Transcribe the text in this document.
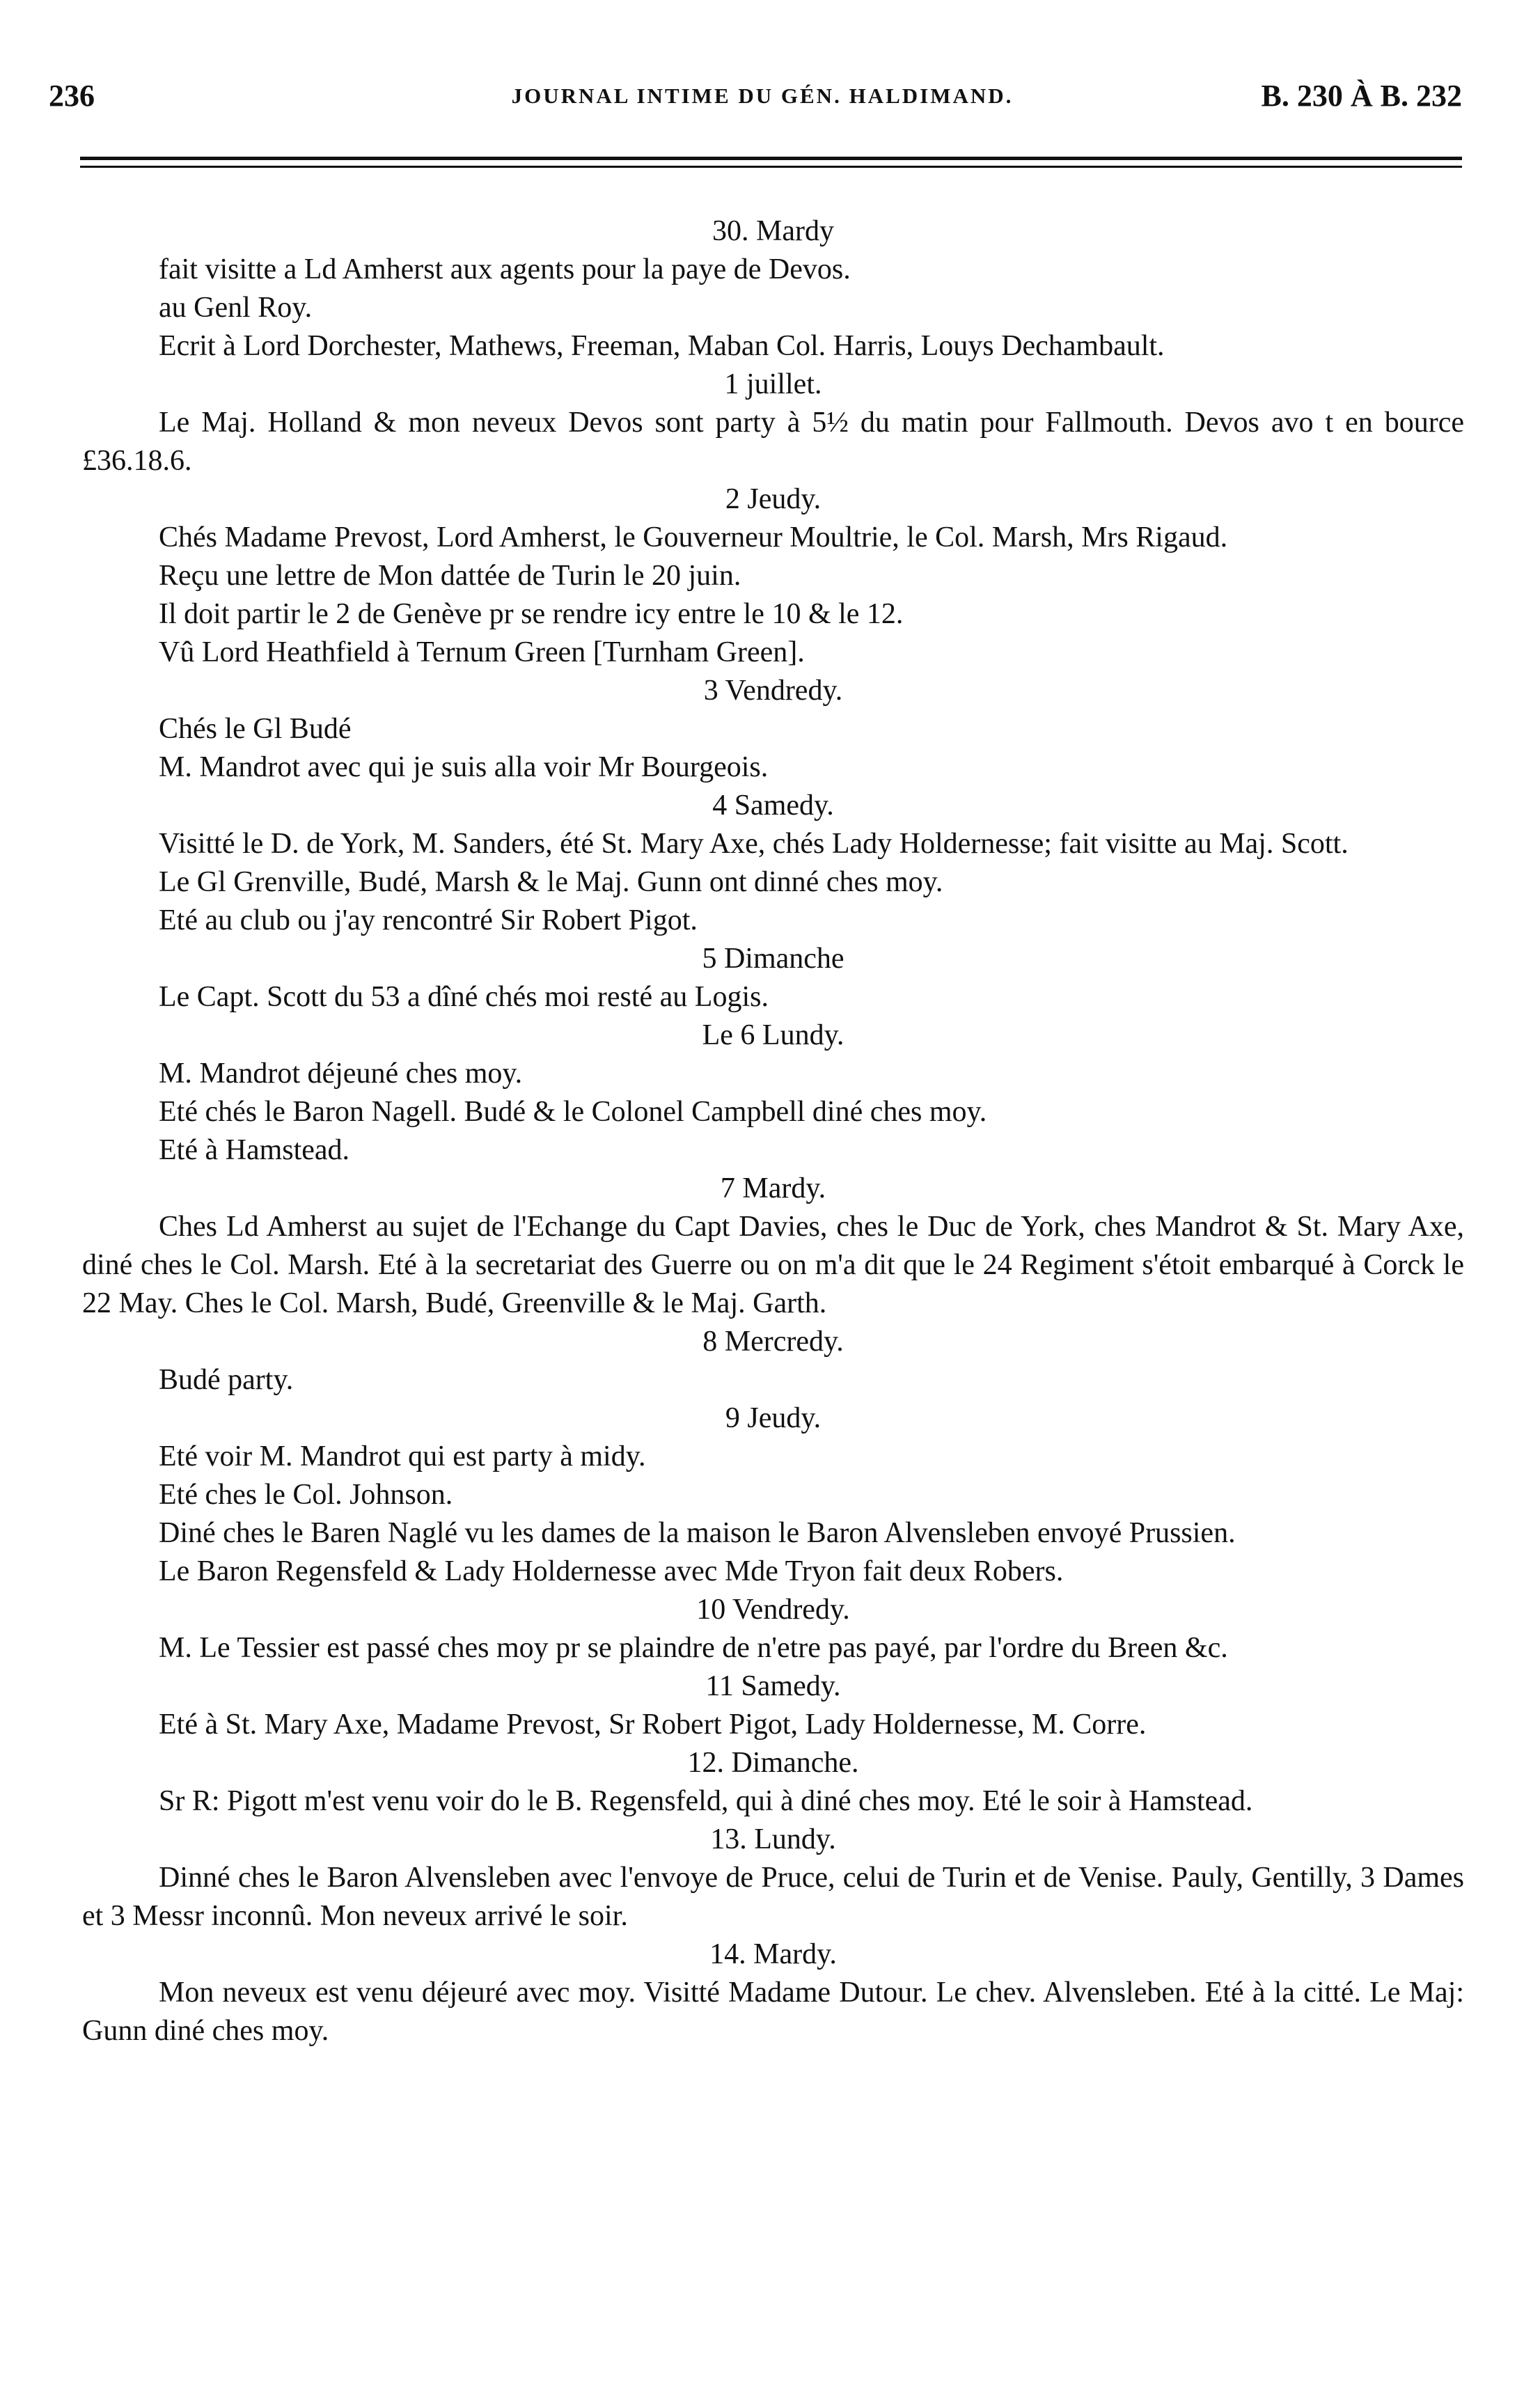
236	JOURNAL INTIME DU GÉN. HALDIMAND.	B. 230 À B. 232

30. Mardy

fait visitte a Ld Amherst aux agents pour la paye de Devos.

au Genl Roy.

Ecrit à Lord Dorchester, Mathews, Freeman, Maban Col. Harris, Louys Dechambault.

1 juillet.

Le Maj. Holland & mon neveux Devos sont party à 5½ du matin pour Fallmouth. Devos avo t en bource £36.18.6.

2 Jeudy.

Chés Madame Prevost, Lord Amherst, le Gouverneur Moultrie, le Col. Marsh, Mrs Rigaud.

Reçu une lettre de Mon dattée de Turin le 20 juin.

Il doit partir le 2 de Genève pr se rendre icy entre le 10 & le 12.

Vû Lord Heathfield à Ternum Green [Turnham Green].

3 Vendredy.

Chés le Gl Budé

M. Mandrot avec qui je suis alla voir Mr Bourgeois.

4 Samedy.

Visitté le D. de York, M. Sanders, été St. Mary Axe, chés Lady Holdernesse; fait visitte au Maj. Scott.

Le Gl Grenville, Budé, Marsh & le Maj. Gunn ont dinné ches moy.

Eté au club ou j'ay rencontré Sir Robert Pigot.

5 Dimanche

Le Capt. Scott du 53 a dîné chés moi resté au Logis.

Le 6 Lundy.

M. Mandrot déjeuné ches moy.

Eté chés le Baron Nagell. Budé & le Colonel Campbell diné ches moy.

Eté à Hamstead.

7 Mardy.

Ches Ld Amherst au sujet de l'Echange du Capt Davies, ches le Duc de York, ches Mandrot & St. Mary Axe, diné ches le Col. Marsh. Eté à la secretariat des Guerre ou on m'a dit que le 24 Regiment s'étoit embarqué à Corck le 22 May. Ches le Col. Marsh, Budé, Greenville & le Maj. Garth.

8 Mercredy.

Budé party.

9 Jeudy.

Eté voir M. Mandrot qui est party à midy.

Eté ches le Col. Johnson.

Diné ches le Baren Naglé vu les dames de la maison le Baron Alvensleben envoyé Prussien.

Le Baron Regensfeld & Lady Holdernesse avec Mde Tryon fait deux Robers.

10 Vendredy.

M. Le Tessier est passé ches moy pr se plaindre de n'etre pas payé, par l'ordre du Breen &c.

11 Samedy.

Eté à St. Mary Axe, Madame Prevost, Sr Robert Pigot, Lady Holdernesse, M. Corre.

12. Dimanche.

Sr R: Pigott m'est venu voir do le B. Regensfeld, qui à diné ches moy. Eté le soir à Hamstead.

13. Lundy.

Dinné ches le Baron Alvensleben avec l'envoye de Pruce, celui de Turin et de Venise. Pauly, Gentilly, 3 Dames et 3 Messr inconnû. Mon neveux arrivé le soir.

14. Mardy.

Mon neveux est venu déjeuré avec moy. Visitté Madame Dutour. Le chev. Alvensleben. Eté à la citté. Le Maj: Gunn diné ches moy.
